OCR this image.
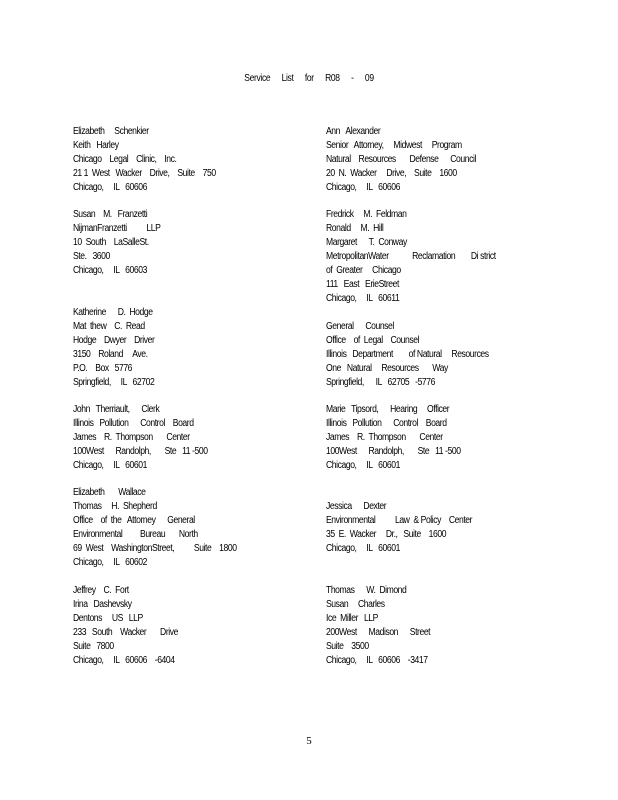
Service List for R08 - 09
Elizabeth     Schenkier
Keith   Harley
Chicago    Legal    Clinic,    Inc.
21 1  West   Wacker    Drive,    Suite    750
Chicago,     IL   60606
Susan    M.   Franzetti
NijmanFranzetti          LLP
10  South    LaSalleSt.
Ste.   3600
Chicago,     IL   60603
Katherine      D.  Hodge
Mat  thew    C.  Read
Hodge    Dwyer    Driver
3150    Roland     Ave.
P.O.    Box   5776
Springfield,     IL   62702
John   Therriault,      Clerk
Illinois   Pollution      Control    Board
James    R.  Thompson       Center
100West      Randolph,       Ste   11 -500
Chicago,     IL   60601
Elizabeth       Wallace
Thomas     H.  Shepherd
Office    of  the   Attorney      General
Environmental         Bureau       North
69  West    WashingtonStreet,          Suite    1800
Chicago,     IL   60602
Jeffrey    C.  Fort
Irina   Dashevsky
Dentons     US   LLP
233   South    Wacker       Drive
Suite   7800
Chicago,     IL   60606    -6404
Ann   Alexander
Senior   Attorney,     Midwest     Program
Natural    Resources       Defense      Council
20  N.  Wacker     Drive,    Suite    1600
Chicago,     IL   60606
Fredrick     M.  Feldman
Ronald     M.  Hill
Margaret      T.  Conway
MetropolitanWater            Reclamation        Di strict
of  Greater     Chicago
111   East   ErieStreet
Chicago,     IL   60611
General      Counsel
Office    of  Legal    Counsel
Illinois   Department        of Natural     Resources
One   Natural     Resources       Way
Springfield,      IL   62705   -5776
Marie   Tipsord,      Hearing     Officer
Illinois   Pollution      Control    Board
James    R.  Thompson       Center
100West      Randolph,       Ste   11 -500
Chicago,     IL   60601
Jessica      Dexter
Environmental          Law  & Policy    Center
35  E.  Wacker     Dr.,   Suite    1600
Chicago,     IL   60601
Thomas      W.  Dimond
Susan     Charles
Ice  Miller   LLP
200West      Madison      Street
Suite    3500
Chicago,     IL   60606    -3417
5
